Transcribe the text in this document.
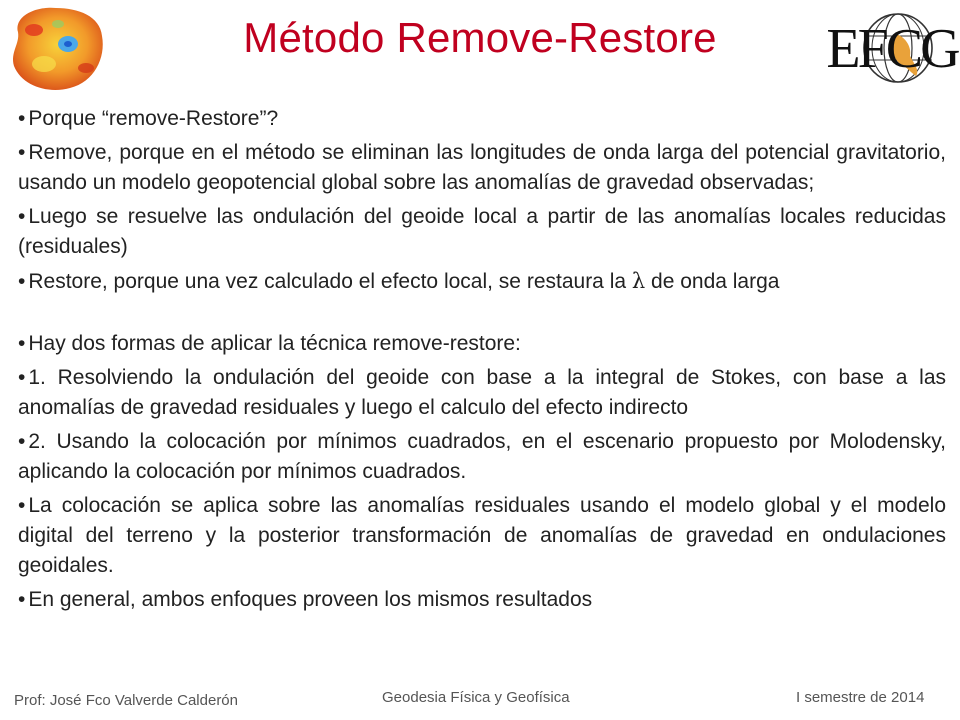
Método Remove-Restore	EFCG
• Porque “remove-Restore”?
• Remove, porque en el método se eliminan las longitudes de onda larga del potencial gravitatorio, usando un modelo geopotencial global sobre las anomalías de gravedad observadas;
• Luego se resuelve las ondulación del geoide local a partir de las anomalías locales reducidas (residuales)
• Restore, porque una vez calculado el efecto local, se restaura la λ de onda larga
• Hay dos formas de aplicar la técnica remove-restore:
• 1. Resolviendo la ondulación del geoide con base a la integral de Stokes, con base a las anomalías de gravedad residuales y luego el calculo del efecto indirecto
• 2. Usando la colocación por mínimos cuadrados, en el escenario propuesto por Molodensky, aplicando la colocación por mínimos cuadrados.
• La colocación se aplica sobre las anomalías residuales usando el modelo global y el modelo digital del terreno y la posterior transformación de anomalías de gravedad en ondulaciones geoidales.
• En general, ambos enfoques proveen los mismos resultados
Prof: José Fco Valverde Calderón	Geodesia Física y Geofísica	I semestre de 2014
